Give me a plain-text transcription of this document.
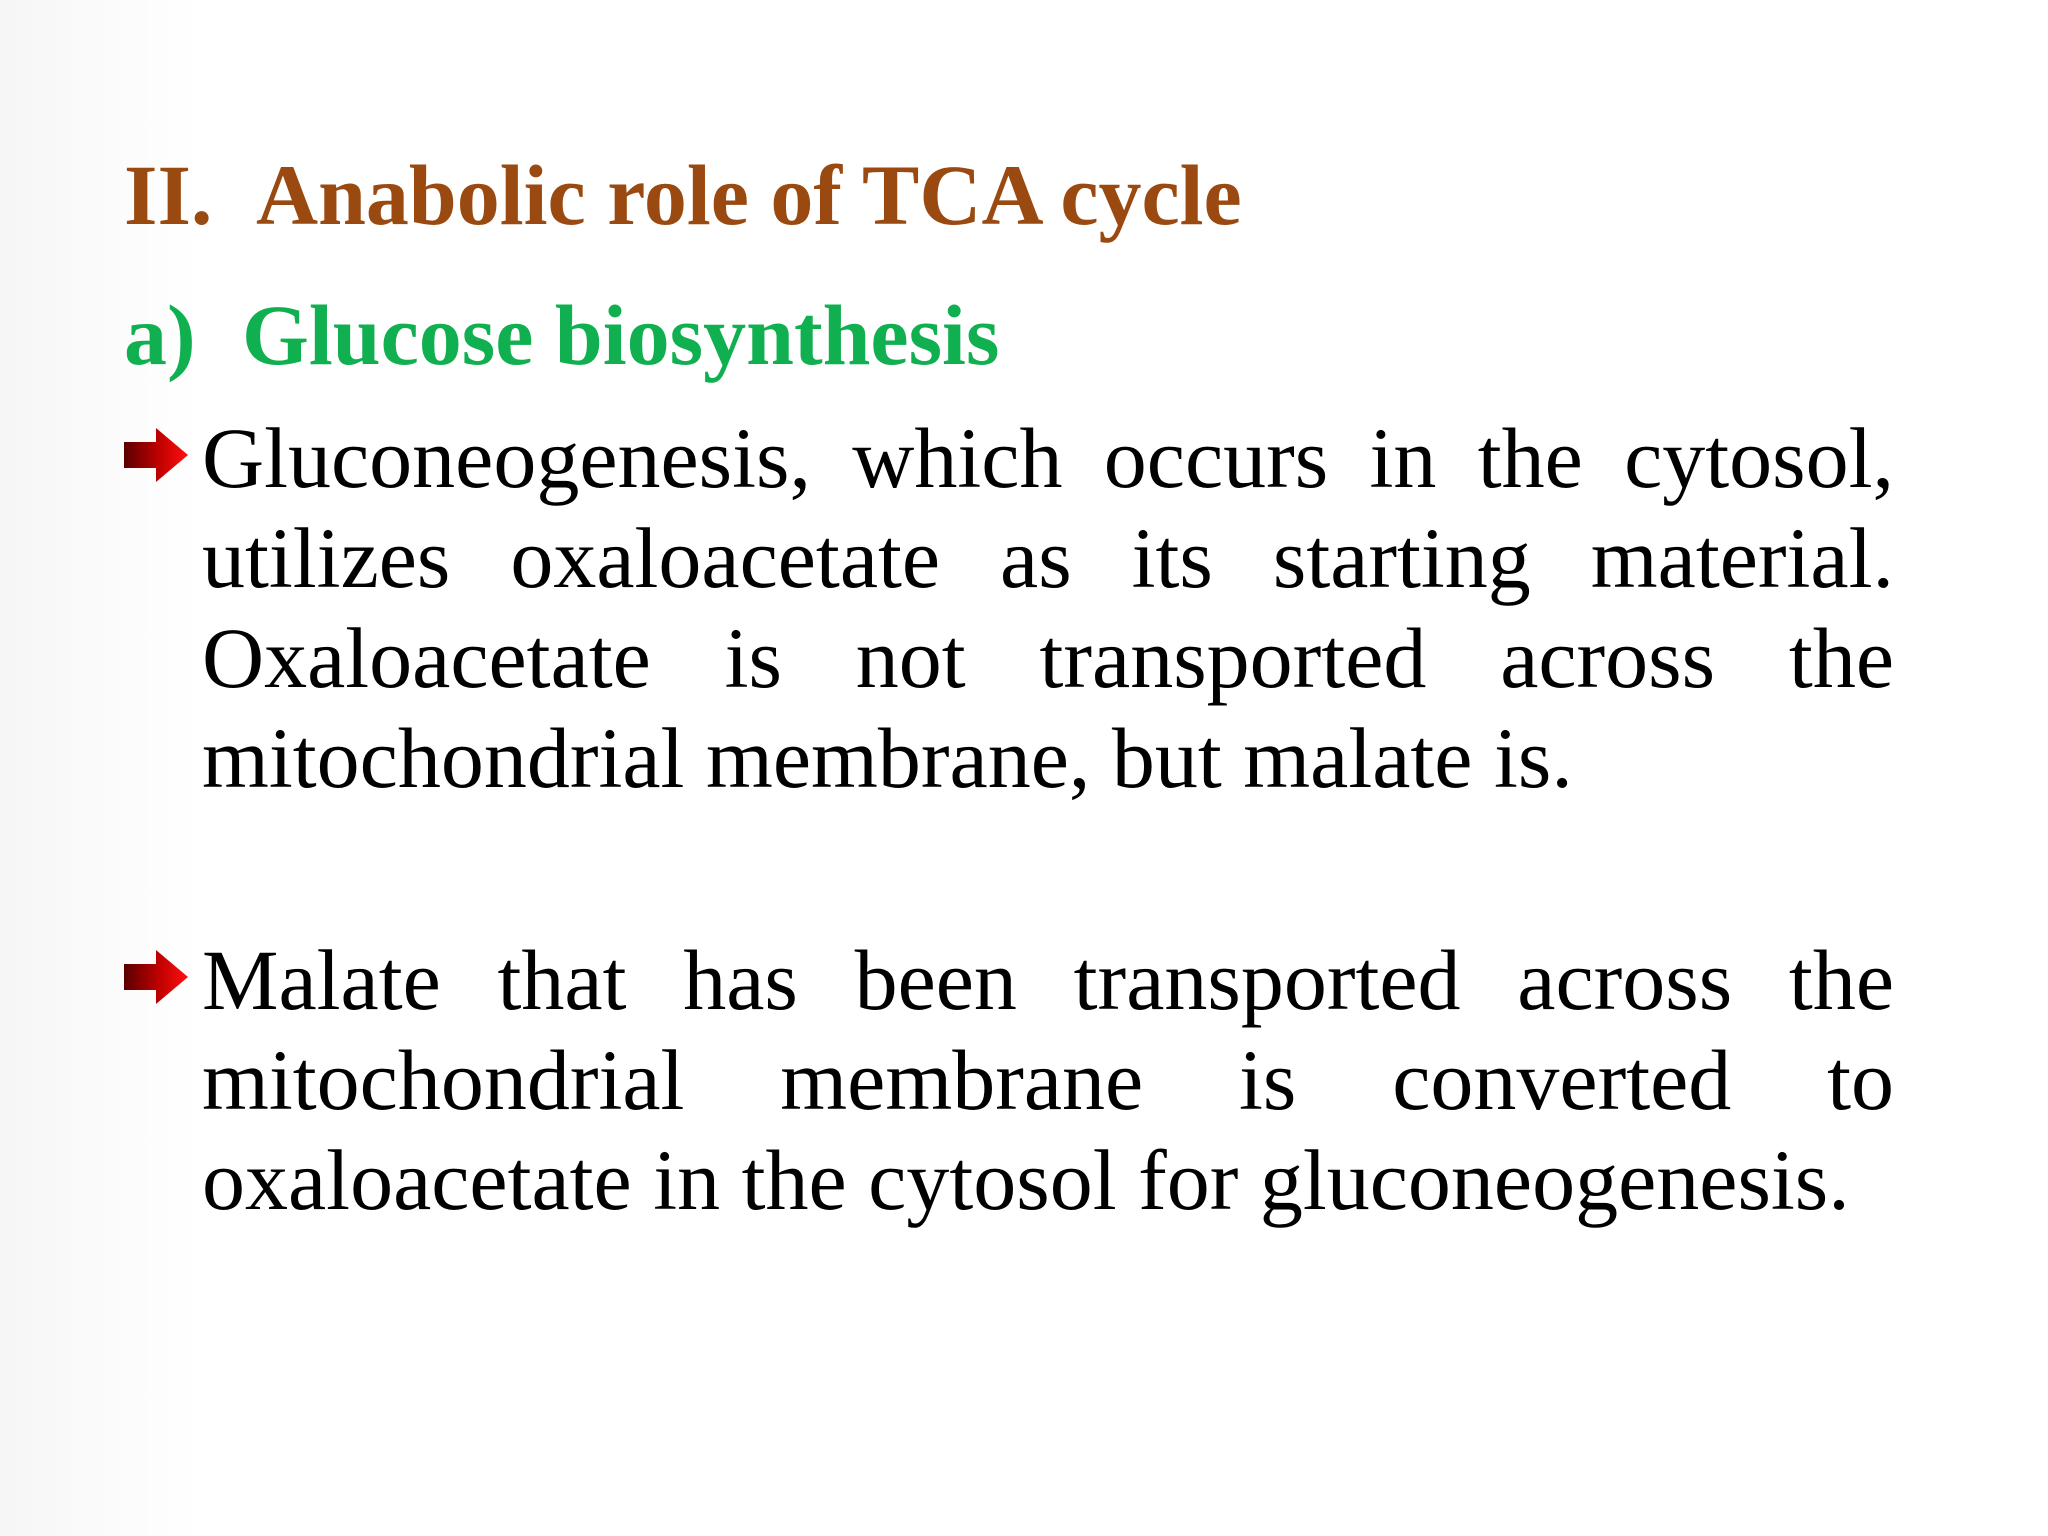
II. Anabolic role of TCA cycle
a) Glucose biosynthesis

Gluconeogenesis, which occurs in the cytosol, utilizes oxaloacetate as its starting material. Oxaloacetate is not transported across the mitochondrial membrane, but malate is.

Malate that has been transported across the mitochondrial membrane is converted to oxaloacetate in the cytosol for gluconeogenesis.
